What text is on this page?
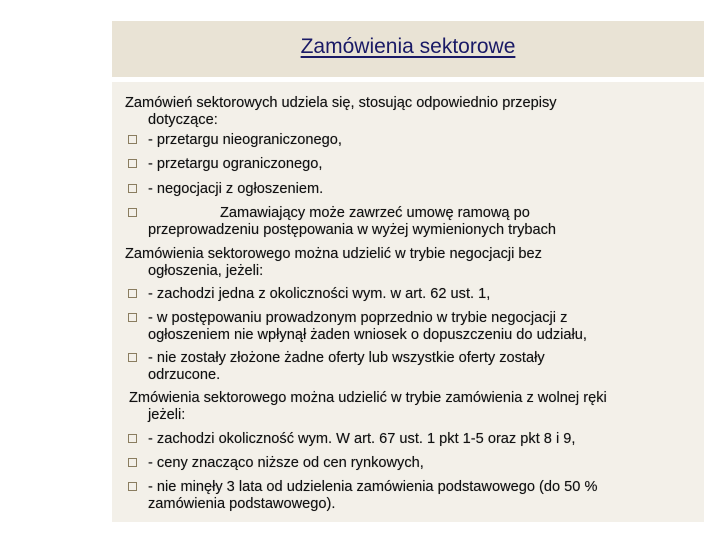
Zamówienia sektorowe
Zamówień sektorowych udziela się, stosując odpowiednio przepisy
dotyczące:
- przetargu nieograniczonego,
- przetargu ograniczonego,
- negocjacji z ogłoszeniem.
Zamawiający może zawrzeć umowę ramową po
przeprowadzeniu postępowania w wyżej wymienionych trybach
Zamówienia sektorowego można udzielić w trybie negocjacji bez
ogłoszenia, jeżeli:
- zachodzi jedna z okoliczności wym. w art. 62 ust. 1,
- w postępowaniu prowadzonym poprzednio w trybie negocjacji z
ogłoszeniem nie wpłynął żaden wniosek o dopuszczeniu do udziału,
- nie zostały złożone żadne oferty lub wszystkie oferty zostały
odrzucone.
Zmówienia sektorowego można udzielić w trybie zamówienia z wolnej ręki
jeżeli:
- zachodzi okoliczność wym. W art. 67 ust. 1 pkt 1-5 oraz pkt 8 i 9,
- ceny znacząco niższe od cen rynkowych,
- nie minęły 3 lata od udzielenia zamówienia podstawowego (do 50 %
zamówienia podstawowego).
